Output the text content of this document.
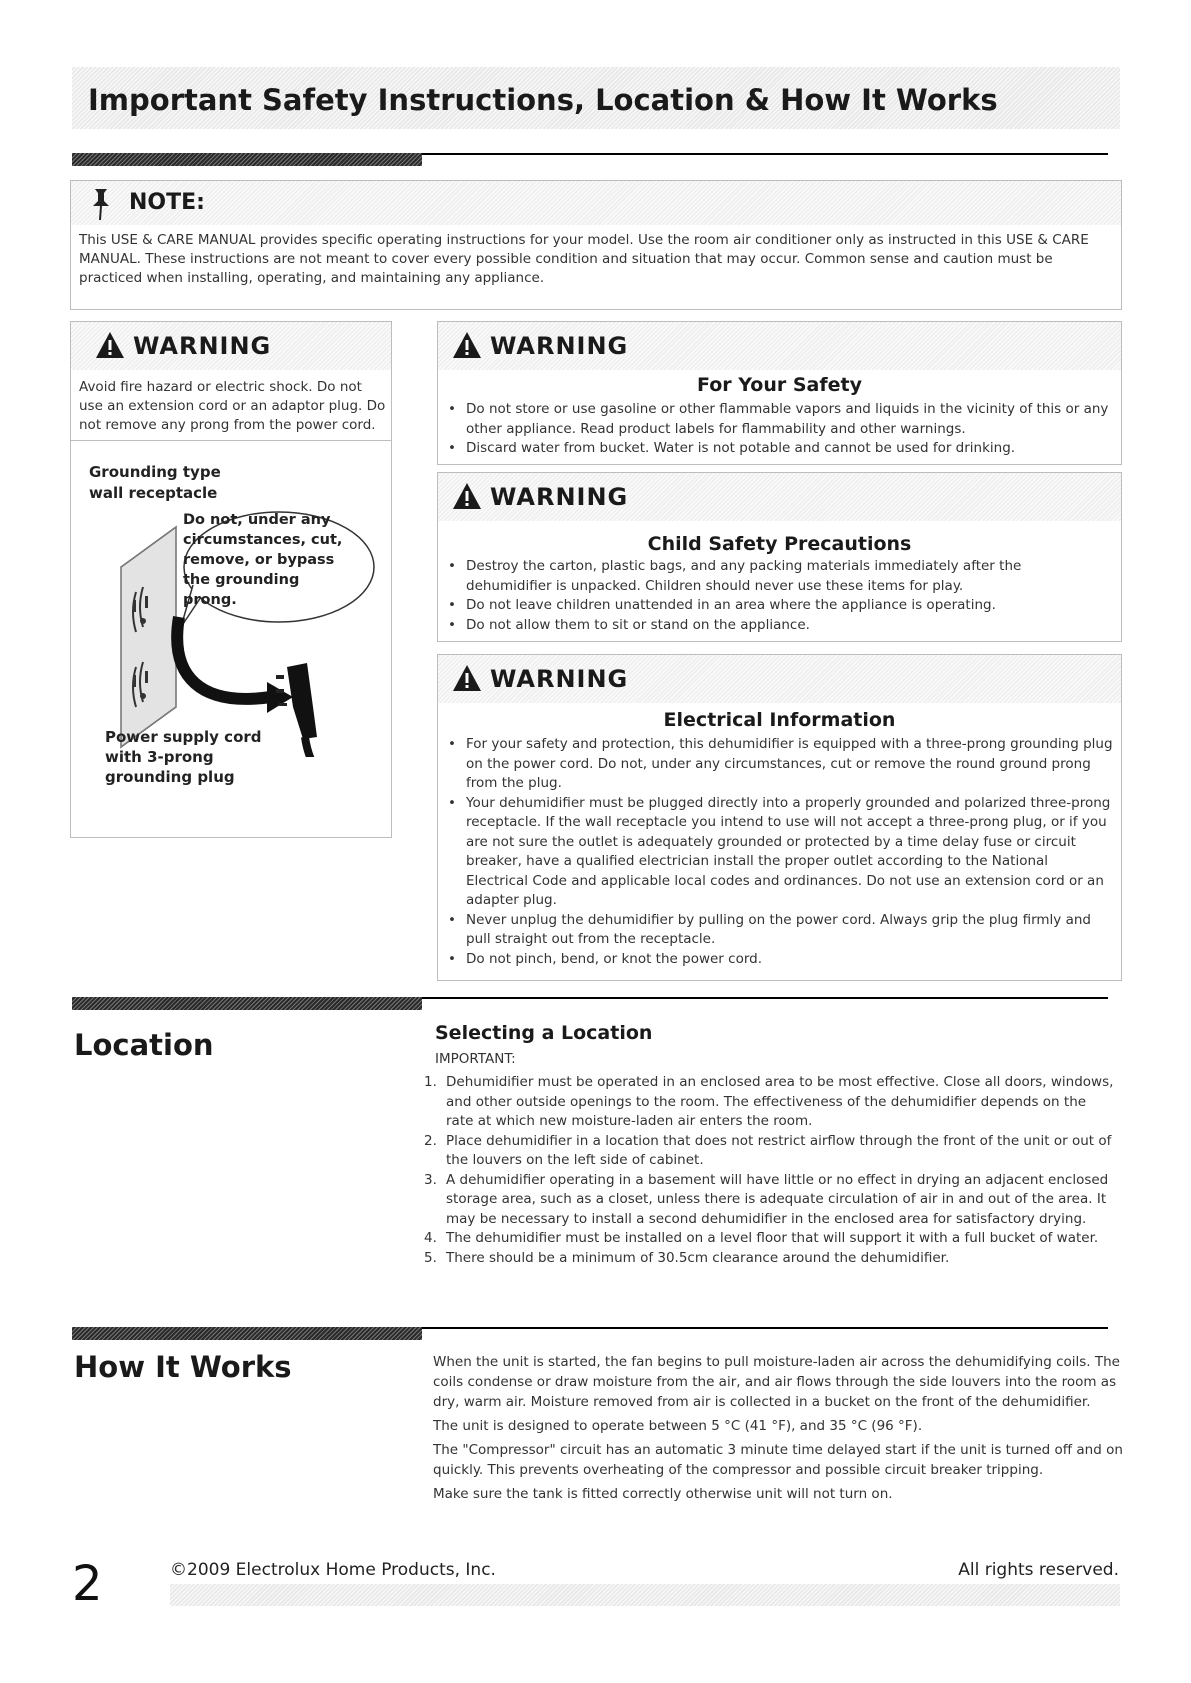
Important Safety Instructions, Location & How It Works
NOTE:
This USE & CARE MANUAL provides specific operating instructions for your model. Use the room air conditioner only as instructed in this USE & CARE MANUAL. These instructions are not meant to cover every possible condition and situation that may occur. Common sense and caution must be practiced when installing, operating, and maintaining any appliance.
WARNING
Avoid fire hazard or electric shock. Do not use an extension cord or an adaptor plug. Do not remove any prong from the power cord.
Grounding type wall receptacle
Do not, under any circumstances, cut, remove, or bypass the grounding prong.
Power supply cord with 3-prong grounding plug
WARNING
For Your Safety
• Do not store or use gasoline or other flammable vapors and liquids in the vicinity of this or any other appliance. Read product labels for flammability and other warnings.
• Discard water from bucket. Water is not potable and cannot be used for drinking.
WARNING
Child Safety Precautions
• Destroy the carton, plastic bags, and any packing materials immediately after the dehumidifier is unpacked. Children should never use these items for play.
• Do not leave children unattended in an area where the appliance is operating.
• Do not allow them to sit or stand on the appliance.
WARNING
Electrical Information
• For your safety and protection, this dehumidifier is equipped with a three-prong grounding plug on the power cord. Do not, under any circumstances, cut or remove the round ground prong from the plug.
• Your dehumidifier must be plugged directly into a properly grounded and polarized three-prong receptacle. If the wall receptacle you intend to use will not accept a three-prong plug, or if you are not sure the outlet is adequately grounded or protected by a time delay fuse or circuit breaker, have a qualified electrician install the proper outlet according to the National Electrical Code and applicable local codes and ordinances. Do not use an extension cord or an adapter plug.
• Never unplug the dehumidifier by pulling on the power cord. Always grip the plug firmly and pull straight out from the receptacle.
• Do not pinch, bend, or knot the power cord.
Location	Selecting a Location
IMPORTANT:
1. Dehumidifier must be operated in an enclosed area to be most effective. Close all doors, windows, and other outside openings to the room. The effectiveness of the dehumidifier depends on the rate at which new moisture-laden air enters the room.
2. Place dehumidifier in a location that does not restrict airflow through the front of the unit or out of the louvers on the left side of cabinet.
3. A dehumidifier operating in a basement will have little or no effect in drying an adjacent enclosed storage area, such as a closet, unless there is adequate circulation of air in and out of the area. It may be necessary to install a second dehumidifier in the enclosed area for satisfactory drying.
4. The dehumidifier must be installed on a level floor that will support it with a full bucket of water.
5. There should be a minimum of 30.5cm clearance around the dehumidifier.
How It Works	When the unit is started, the fan begins to pull moisture-laden air across the dehumidifying coils. The coils condense or draw moisture from the air, and air flows through the side louvers into the room as dry, warm air. Moisture removed from air is collected in a bucket on the front of the dehumidifier.

The unit is designed to operate between 5 °C (41 °F), and 35 °C (96 °F).

The "Compressor" circuit has an automatic 3 minute time delayed start if the unit is turned off and on quickly. This prevents overheating of the compressor and possible circuit breaker tripping.

Make sure the tank is fitted correctly otherwise unit will not turn on.

2	©2009 Electrolux Home Products, Inc.	All rights reserved.
